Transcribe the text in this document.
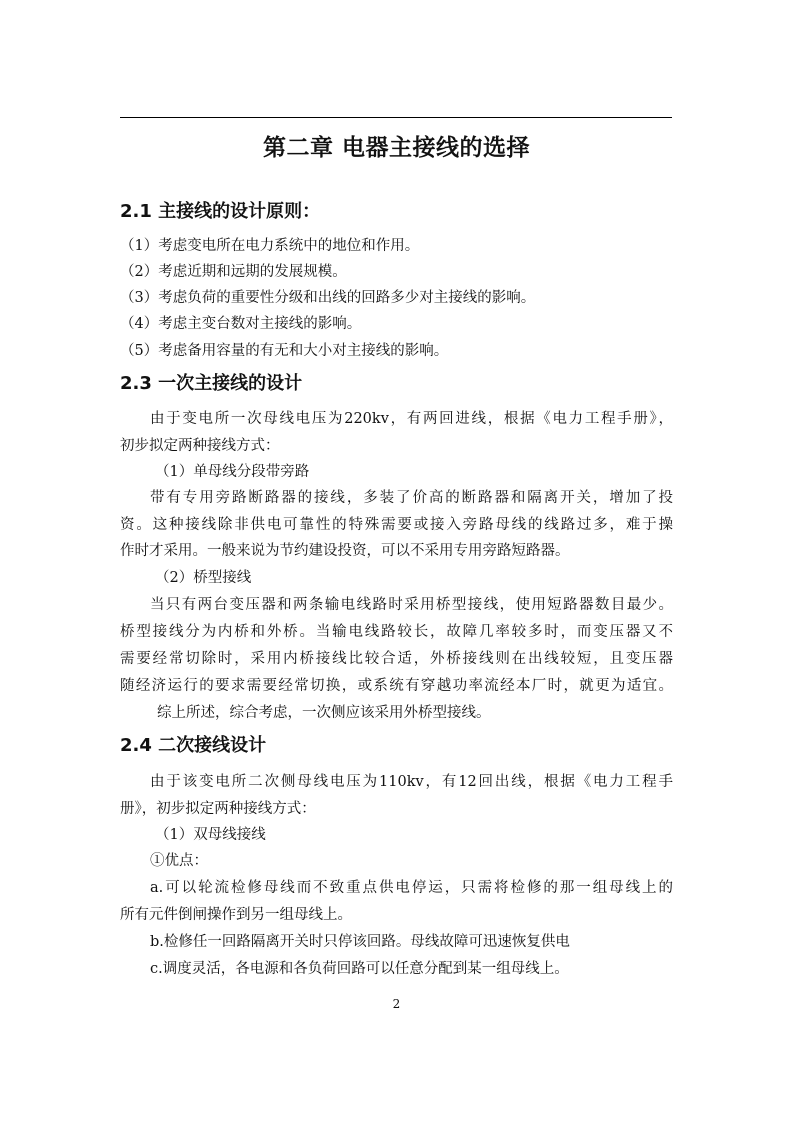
第二章 电器主接线的选择
2.1 主接线的设计原则：
（1）考虑变电所在电力系统中的地位和作用。
（2）考虑近期和远期的发展规模。
（3）考虑负荷的重要性分级和出线的回路多少对主接线的影响。
（4）考虑主变台数对主接线的影响。
（5）考虑备用容量的有无和大小对主接线的影响。
2.3 一次主接线的设计
由于变电所一次母线电压为220kv，有两回进线，根据《电力工程手册》，
初步拟定两种接线方式：
（1）单母线分段带旁路
带有专用旁路断路器的接线，多装了价高的断路器和隔离开关，增加了投
资。这种接线除非供电可靠性的特殊需要或接入旁路母线的线路过多，难于操
作时才采用。一般来说为节约建设投资，可以不采用专用旁路短路器。
（2）桥型接线
当只有两台变压器和两条输电线路时采用桥型接线，使用短路器数目最少。
桥型接线分为内桥和外桥。当输电线路较长，故障几率较多时，而变压器又不
需要经常切除时，采用内桥接线比较合适，外桥接线则在出线较短，且变压器
随经济运行的要求需要经常切换，或系统有穿越功率流经本厂时，就更为适宜。
综上所述，综合考虑，一次侧应该采用外桥型接线。
2.4 二次接线设计
由于该变电所二次侧母线电压为110kv，有12回出线，根据《电力工程手
册》，初步拟定两种接线方式：
（1）双母线接线
①优点：
a.可以轮流检修母线而不致重点供电停运，只需将检修的那一组母线上的
所有元件倒闸操作到另一组母线上。
b.检修任一回路隔离开关时只停该回路。母线故障可迅速恢复供电
c.调度灵活，各电源和各负荷回路可以任意分配到某一组母线上。
2
